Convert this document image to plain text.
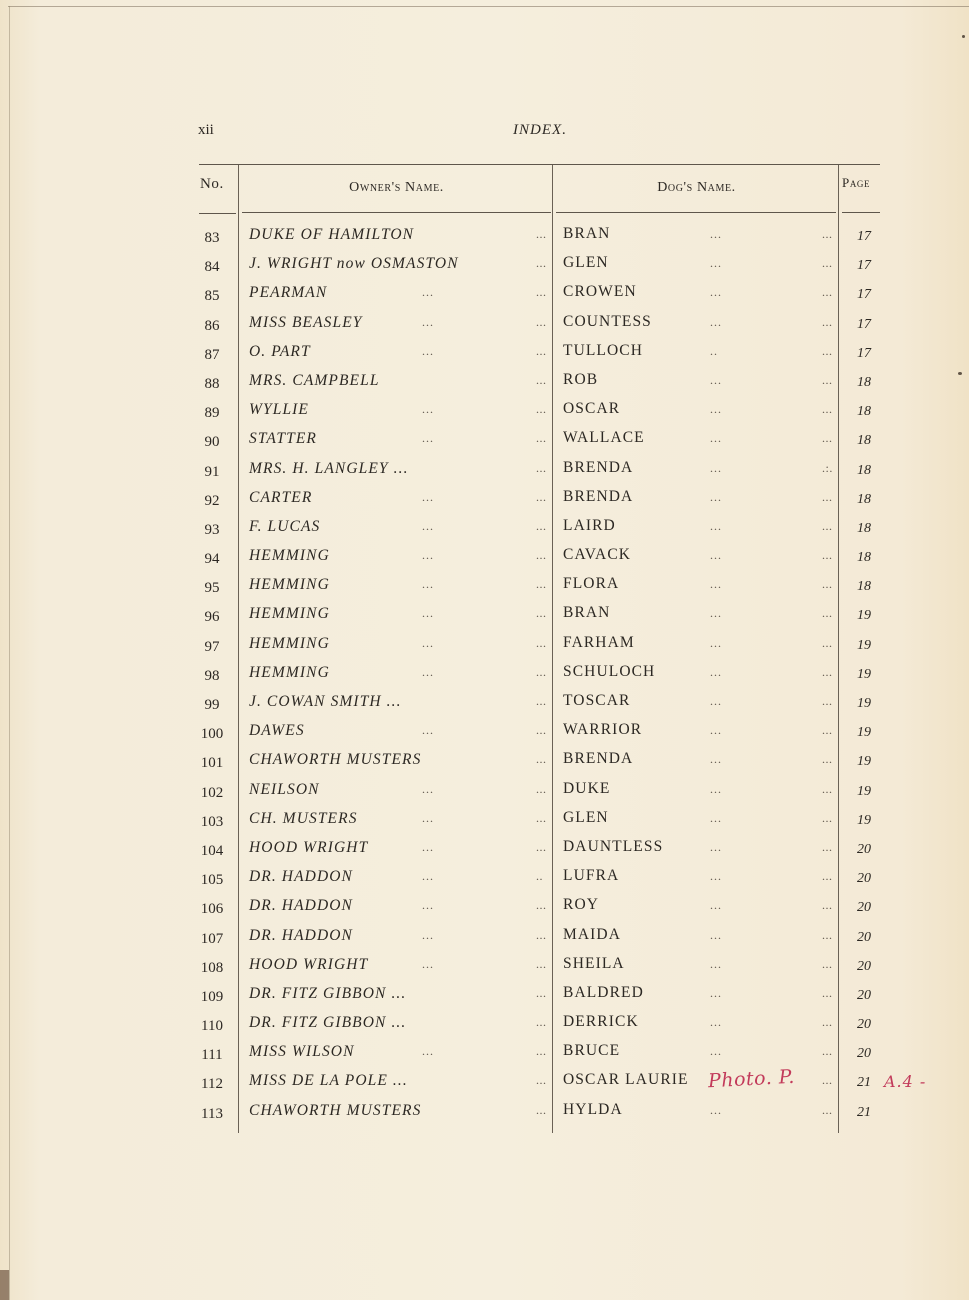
xii	INDEX.
No.	Owner's Name.	Dog's Name.	Page
83	DUKE OF HAMILTON	... BRAN	...	... 17
84	J. WRIGHT now OSMASTON	... GLEN	...	... 17
85	PEARMAN	...	... CROWEN	...	... 17
86	MISS BEASLEY	...	... COUNTESS	...	... 17
87	O. PART	...	... TULLOCH	..	... 17
88	MRS. CAMPBELL	... ROB	...	... 18
89	WYLLIE	...	... OSCAR	...	... 18
90	STATTER	...	... WALLACE	...	... 18
91	MRS. H. LANGLEY ...	... BRENDA	...	.:. 18
92	CARTER	...	... BRENDA	...	... 18
93	F. LUCAS	...	... LAIRD	...	... 18
94	HEMMING	...	... CAVACK	...	... 18
95	HEMMING	...	... FLORA	...	... 18
96	HEMMING	...	... BRAN	...	... 19
97	HEMMING	...	... FARHAM	...	... 19
98	HEMMING	...	... SCHULOCH	...	... 19
99	J. COWAN SMITH ...	... TOSCAR	...	... 19
100	DAWES	...	... WARRIOR	...	... 19
101	CHAWORTH MUSTERS	... BRENDA	...	... 19
102	NEILSON	...	... DUKE	...	... 19
103	CH. MUSTERS	...	... GLEN	...	... 19
104	HOOD WRIGHT	...	... DAUNTLESS	...	... 20
105	DR. HADDON	...	.. LUFRA	...	... 20
106	DR. HADDON	...	... ROY	...	... 20
107	DR. HADDON	...	... MAIDA	...	... 20
108	HOOD WRIGHT	...	... SHEILA	...	... 20
109	DR. FITZ GIBBON ...	... BALDRED	...	... 20
110	DR. FITZ GIBBON ...	... DERRICK	...	... 20
111	MISS WILSON	...	... BRUCE	...	... 20
112	MISS DE LA POLE ...	... OSCAR LAURIE	... 21
113	CHAWORTH MUSTERS	... HYLDA	...	... 21
Photo. P.	A.4 -
